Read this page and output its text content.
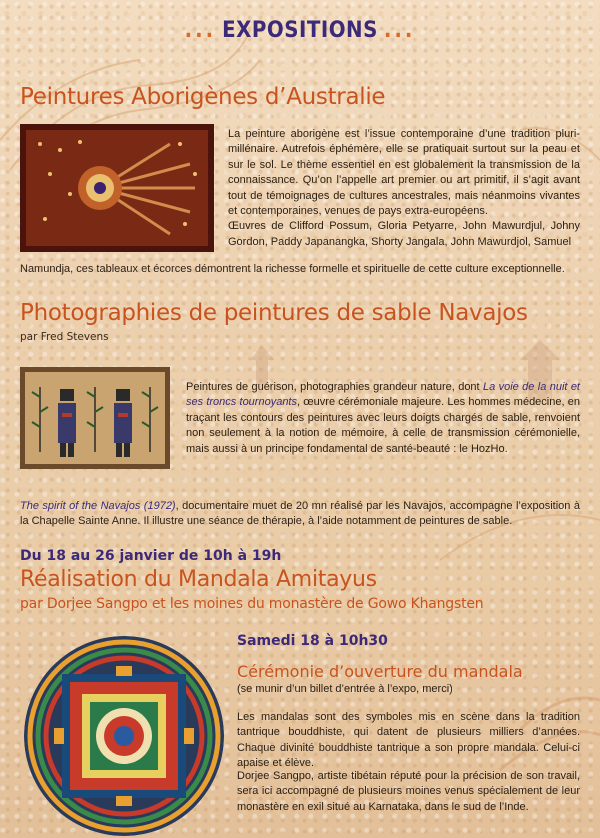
... EXPOSITIONS ...
Peintures Aborigènes d’Australie

La peinture aborigène est l’issue contemporaine d’une tradition pluri-millénaire. Autrefois éphémère, elle se pratiquait surtout sur la peau et sur le sol. Le thème essentiel en est globalement la transmission de la connaissance. Qu’on l’appelle art premier ou art primitif, il s’agit avant tout de témoignages de cultures ancestrales, mais néanmoins vivantes et contemporaines, venues de pays extra-européens.
Œuvres de Clifford Possum, Gloria Petyarre, John Mawurdjul, Johny Gordon, Paddy Japanangka, Shorty Jangala, John Mawurdjol, Samuel

Namundja, ces tableaux et écorces démontrent la richesse formelle et spirituelle de cette culture exceptionnelle.

Photographies de peintures de sable Navajos

par Fred Stevens

Peintures de guérison, photographies grandeur nature, dont La voie de la nuit et ses troncs tournoyants, œuvre cérémoniale majeure. Les hommes médecine, en traçant les contours des peintures avec leurs doigts chargés de sable, renvoient non seulement à la notion de mémoire, à celle de transmission cérémonielle, mais aussi à un principe fondamental de santé-beauté : le HozHo.

The spirit of the Navajos (1972), documentaire muet de 20 mn réalisé par les Navajos, accompagne l’exposition à la Chapelle Sainte Anne. Il illustre une séance de thérapie, à l’aide notamment de peintures de sable.

Du 18 au 26 janvier de 10h à 19h

Réalisation du Mandala Amitayus

par Dorjee Sangpo et les moines du monastère de Gowo Khangsten

Samedi 18 à 10h30

Cérémonie d’ouverture du mandala

(se munir d’un billet d’entrée à l’expo, merci)

Les mandalas sont des symboles mis en scène dans la tradition tantrique bouddhiste, qui datent de plusieurs milliers d’années. Chaque divinité bouddhiste tantrique a son propre mandala. Celui-ci apaise et élève.

Dorjee Sangpo, artiste tibétain réputé pour la précision de son travail, sera ici accompagné de plusieurs moines venus spécialement de leur monastère en exil situé au Karnataka, dans le sud de l’Inde.
